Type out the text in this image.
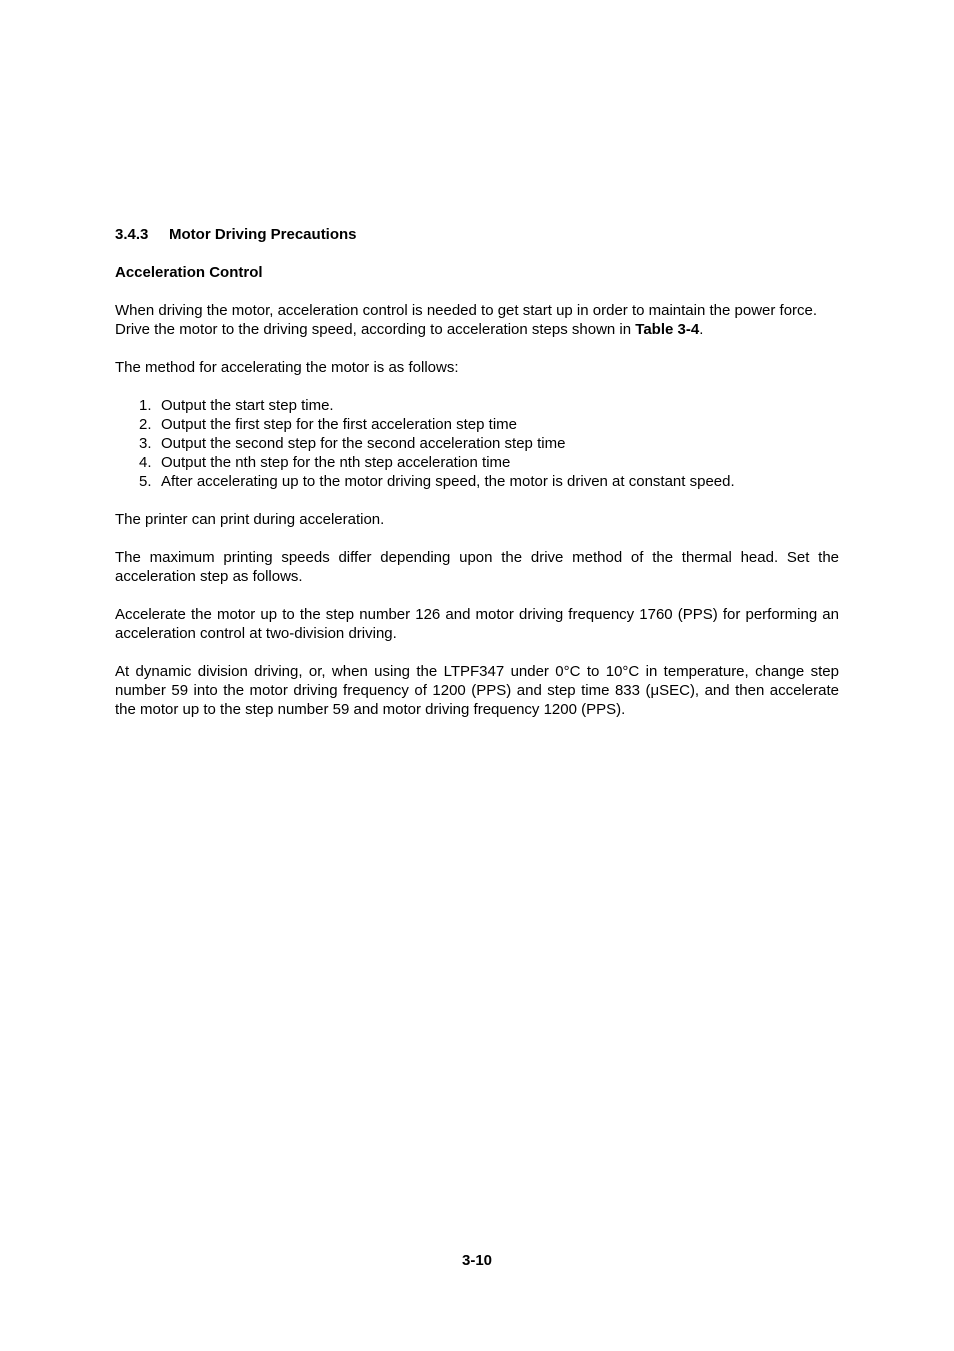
3.4.3 Motor Driving Precautions
Acceleration Control

When driving the motor, acceleration control is needed to get start up in order to maintain the power force.

Drive the motor to the driving speed, according to acceleration steps shown in Table 3-4.

The method for accelerating the motor is as follows:

1. Output the start step time.
2. Output the first step for the first acceleration step time
3. Output the second step for the second acceleration step time
4. Output the nth step for the nth step acceleration time
5. After accelerating up to the motor driving speed, the motor is driven at constant speed.

The printer can print during acceleration.

The maximum printing speeds differ depending upon the drive method of the thermal head. Set the acceleration step as follows.

Accelerate the motor up to the step number 126 and motor driving frequency 1760 (PPS) for performing an acceleration control at two-division driving.

At dynamic division driving, or, when using the LTPF347 under 0°C to 10°C in temperature, change step number 59 into the motor driving frequency of 1200 (PPS) and step time 833 (μSEC), and then accelerate the motor up to the step number 59 and motor driving frequency 1200 (PPS).

3-10
